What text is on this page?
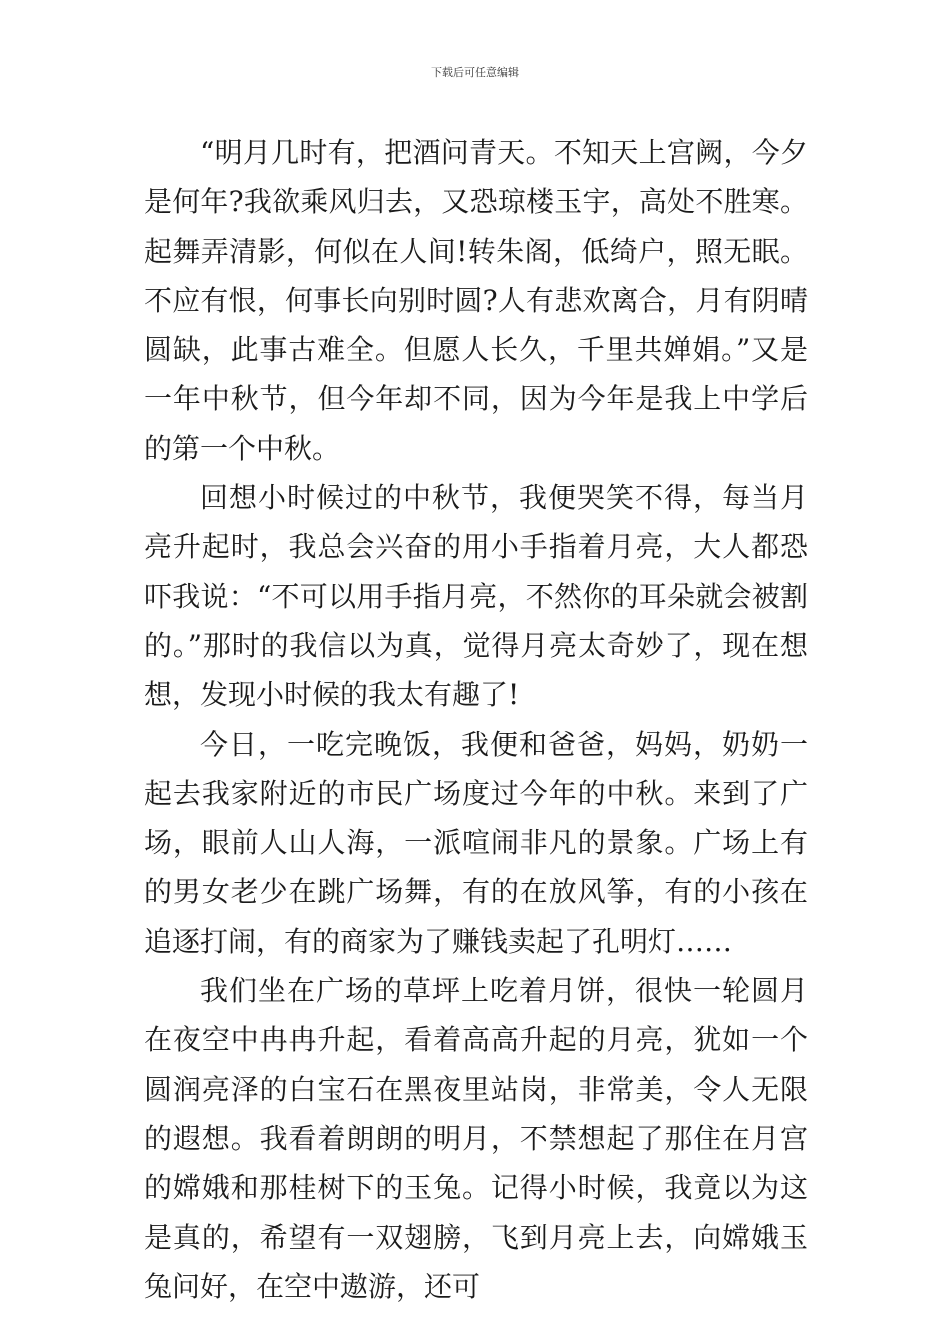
下载后可任意编辑

“明月几时有，把酒问青天。不知天上宫阙，今夕是何年?我欲乘风归去，又恐琼楼玉宇，高处不胜寒。起舞弄清影，何似在人间!转朱阁，低绮户，照无眠。不应有恨，何事长向别时圆?人有悲欢离合，月有阴晴圆缺，此事古难全。但愿人长久，千里共婵娟。”又是一年中秋节，但今年却不同，因为今年是我上中学后的第一个中秋。

回想小时候过的中秋节，我便哭笑不得，每当月亮升起时，我总会兴奋的用小手指着月亮，大人都恐吓我说：“不可以用手指月亮，不然你的耳朵就会被割的。”那时的我信以为真，觉得月亮太奇妙了，现在想想，发现小时候的我太有趣了!

今日，一吃完晚饭，我便和爸爸，妈妈，奶奶一起去我家附近的市民广场度过今年的中秋。来到了广场，眼前人山人海，一派喧闹非凡的景象。广场上有的男女老少在跳广场舞，有的在放风筝，有的小孩在追逐打闹，有的商家为了赚钱卖起了孔明灯……

我们坐在广场的草坪上吃着月饼，很快一轮圆月在夜空中冉冉升起，看着高高升起的月亮，犹如一个圆润亮泽的白宝石在黑夜里站岗，非常美，令人无限的遐想。我看着朗朗的明月，不禁想起了那住在月宫的嫦娥和那桂树下的玉兔。记得小时候，我竟以为这是真的，希望有一双翅膀，飞到月亮上去，向嫦娥玉兔问好，在空中遨游，还可
